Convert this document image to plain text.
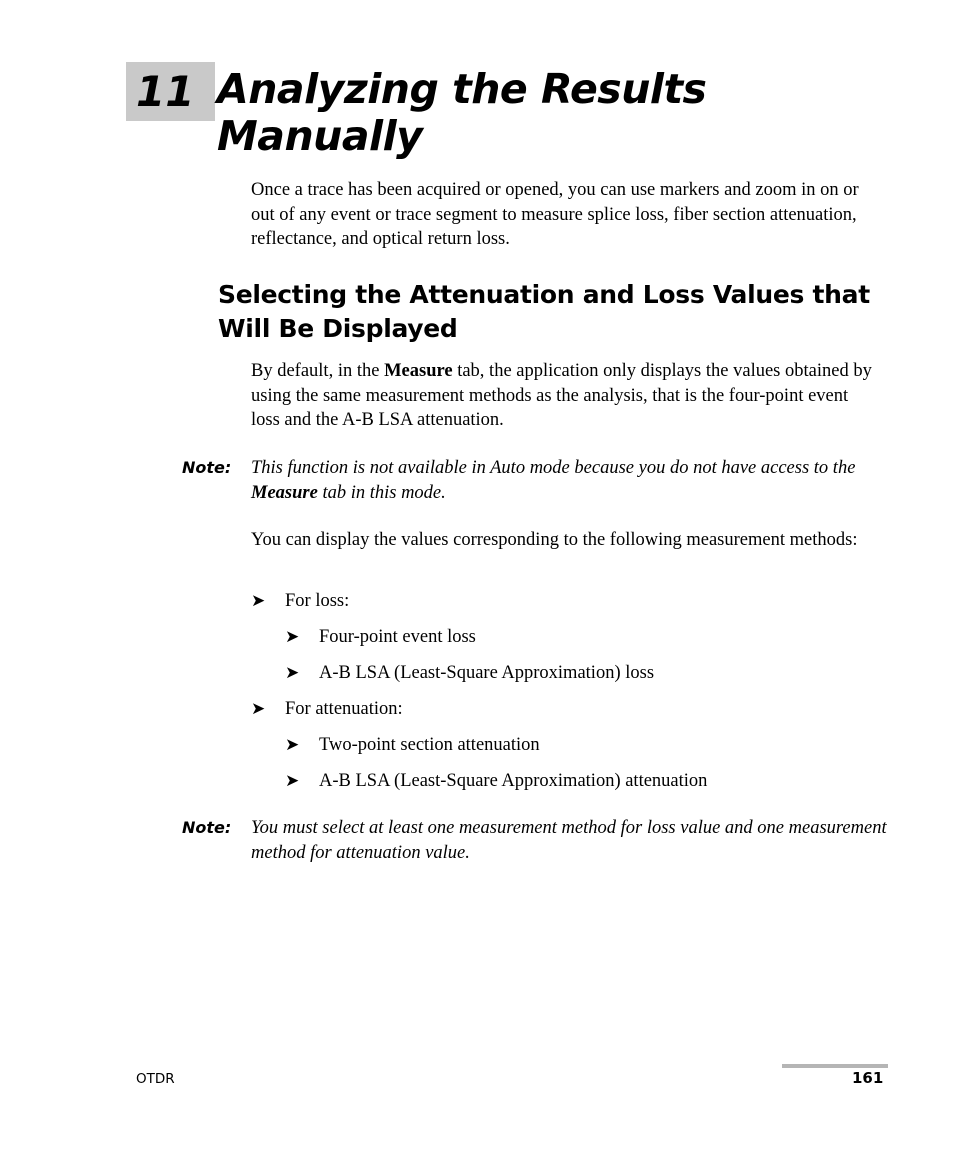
11 Analyzing the Results
Manually

Once a trace has been acquired or opened, you can use markers and zoom in on or out of any event or trace segment to measure splice loss, fiber section attenuation, reflectance, and optical return loss.

Selecting the Attenuation and Loss Values that Will Be Displayed

By default, in the Measure tab, the application only displays the values obtained by using the same measurement methods as the analysis, that is the four-point event loss and the A-B LSA attenuation.

Note: This function is not available in Auto mode because you do not have access to the Measure tab in this mode.

You can display the values corresponding to the following measurement methods:

➤	For loss:
➤	Four-point event loss
➤	A-B LSA (Least-Square Approximation) loss
➤	For attenuation:
➤	Two-point section attenuation
➤	A-B LSA (Least-Square Approximation) attenuation
Note: You must select at least one measurement method for loss value and one measurement method for attenuation value.

OTDR	161
